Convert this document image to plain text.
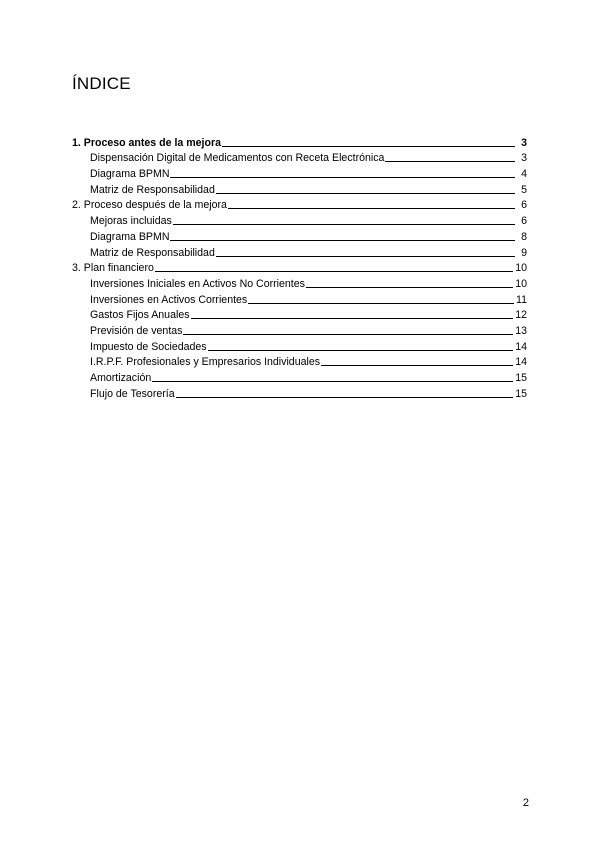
ÍNDICE
1. Proceso antes de la mejora	3
Dispensación Digital de Medicamentos con Receta Electrónica	3
Diagrama BPMN	4
Matriz de Responsabilidad	5
2. Proceso después de la mejora	6
Mejoras incluidas	6
Diagrama BPMN	8
Matriz de Responsabilidad	9
3. Plan financiero	10
Inversiones Iniciales en Activos No Corrientes	10
Inversiones en Activos Corrientes	11
Gastos Fijos Anuales	12
Previsión de ventas	13
Impuesto de Sociedades	14
I.R.P.F. Profesionales y Empresarios Individuales	14
Amortización	15
Flujo de Tesorería	15
2
